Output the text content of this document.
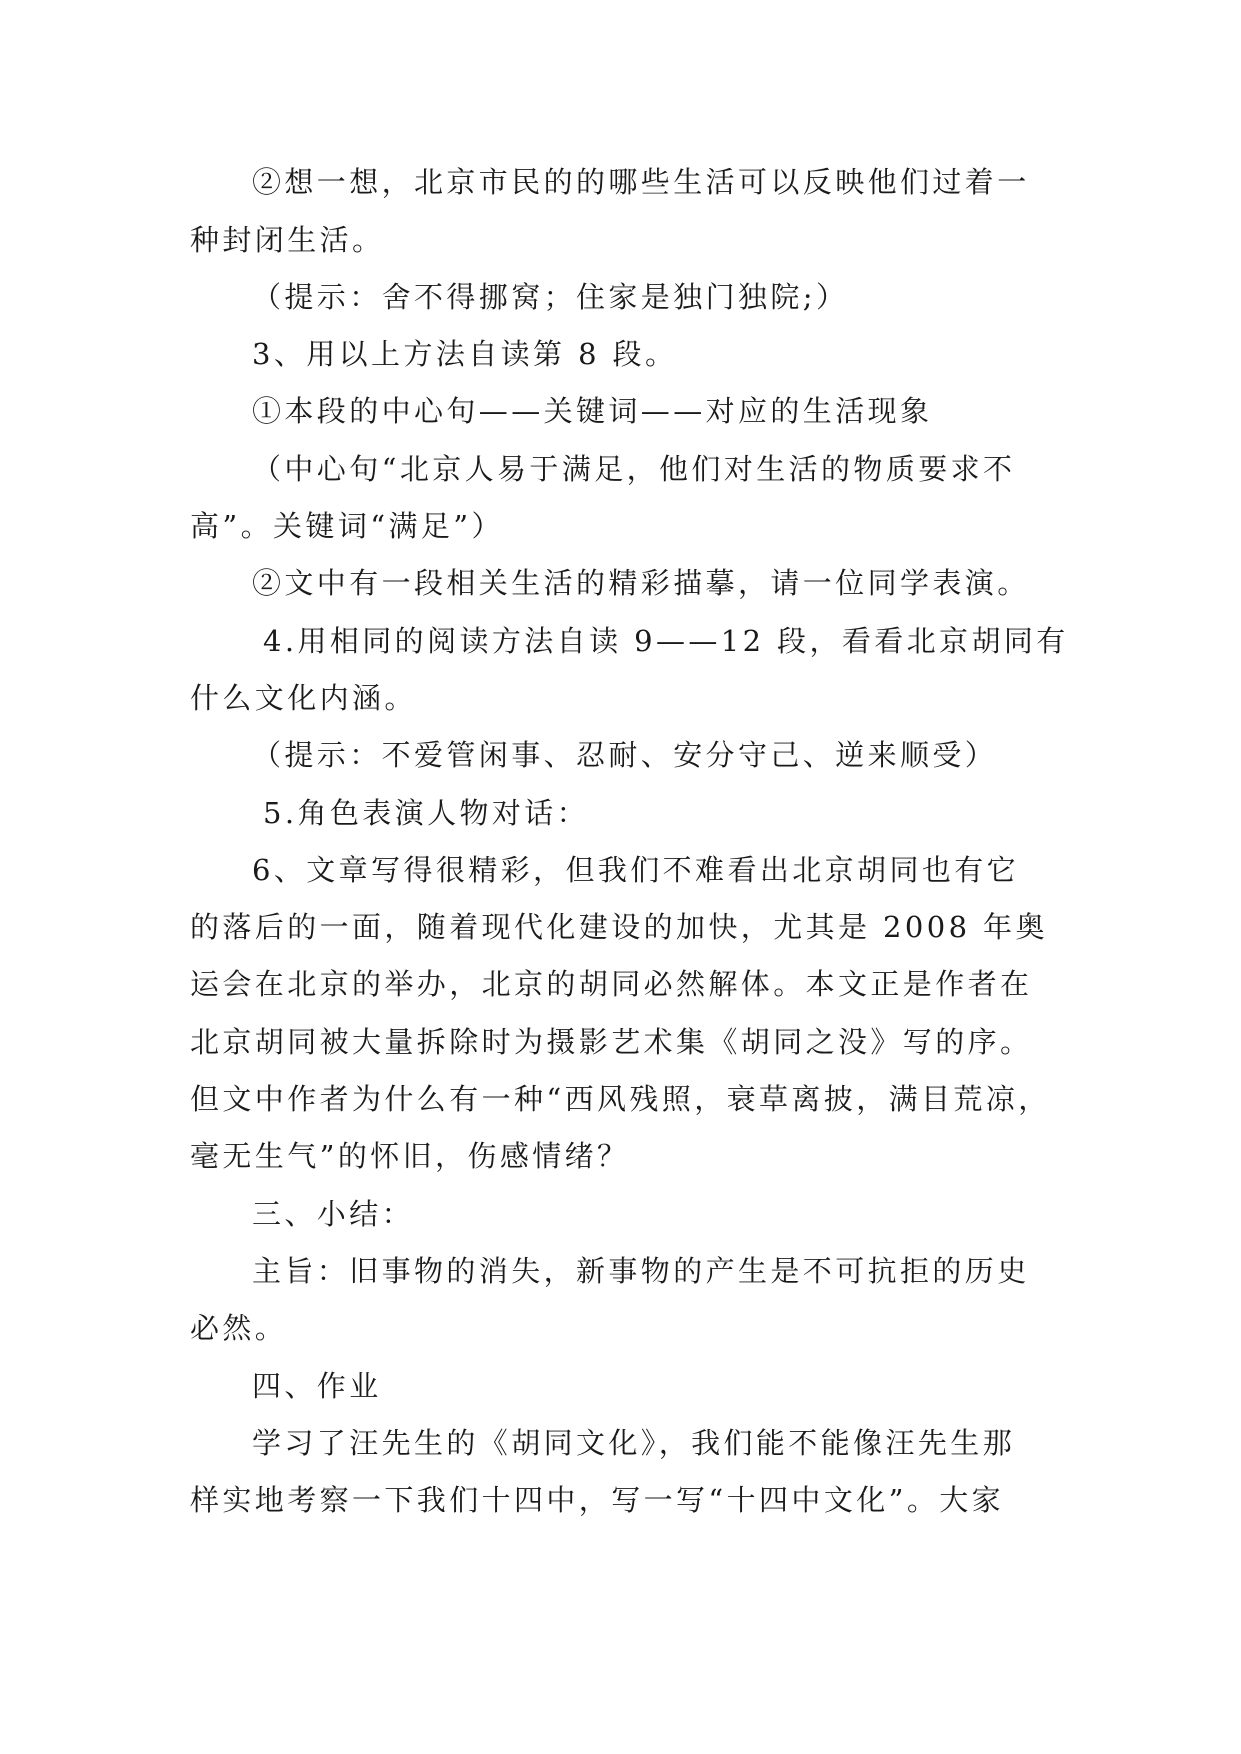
②想一想，北京市民的的哪些生活可以反映他们过着一
种封闭生活。
（提示：舍不得挪窝；住家是独门独院;）
3、用以上方法自读第 8 段。
①本段的中心句——关键词——对应的生活现象
（中心句“北京人易于满足，他们对生活的物质要求不
高”。关键词“满足”）
②文中有一段相关生活的精彩描摹，请一位同学表演。
4.用相同的阅读方法自读 9——12 段，看看北京胡同有
什么文化内涵。
（提示：不爱管闲事、忍耐、安分守己、逆来顺受）
5.角色表演人物对话：
6、文章写得很精彩，但我们不难看出北京胡同也有它
的落后的一面，随着现代化建设的加快，尤其是 2008 年奥
运会在北京的举办，北京的胡同必然解体。本文正是作者在
北京胡同被大量拆除时为摄影艺术集《胡同之没》写的序。
但文中作者为什么有一种“西风残照，衰草离披，满目荒凉，
毫无生气”的怀旧，伤感情绪？
三、小结：
主旨：旧事物的消失，新事物的产生是不可抗拒的历史
必然。
四、作业
学习了汪先生的《胡同文化》，我们能不能像汪先生那
样实地考察一下我们十四中，写一写“十四中文化”。大家
